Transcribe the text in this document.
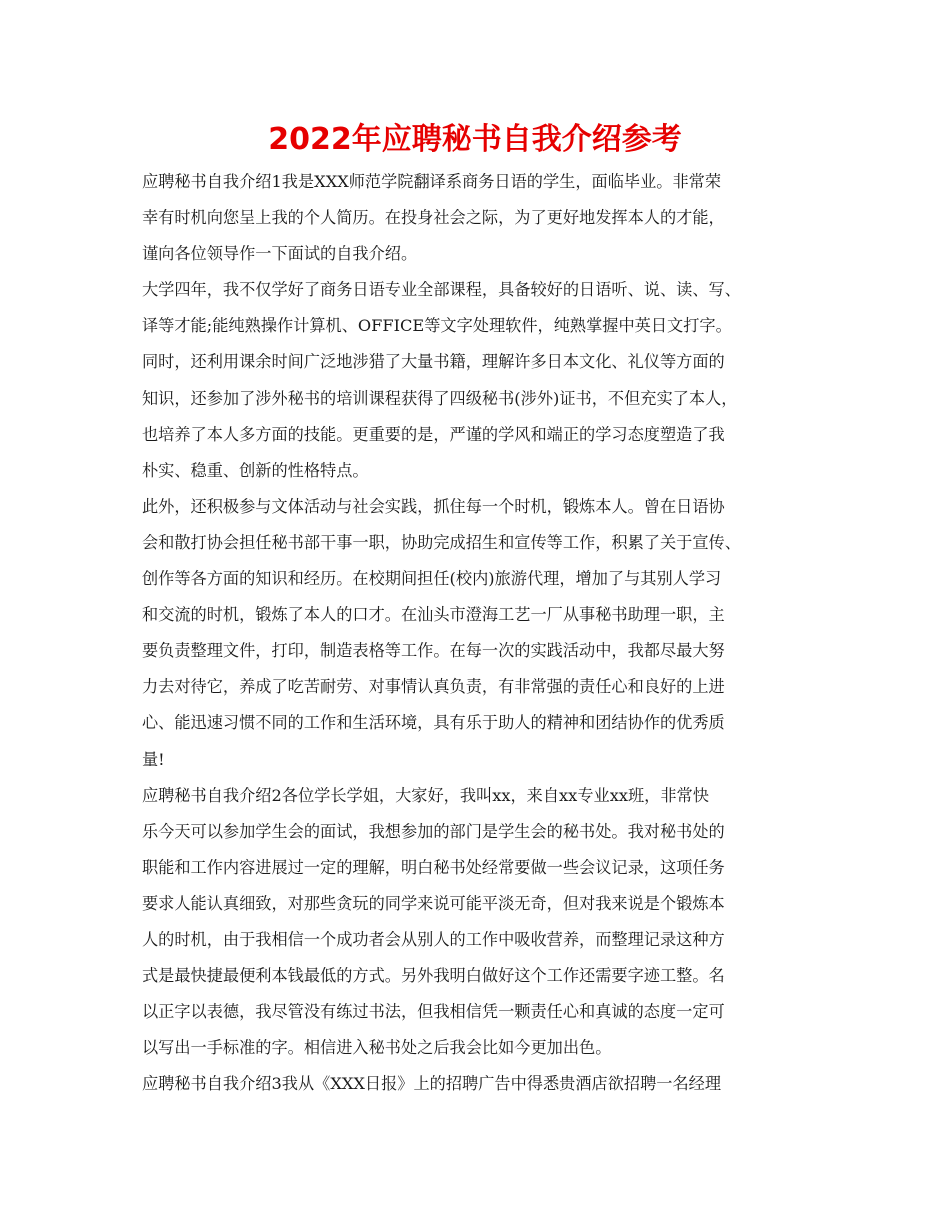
2022年应聘秘书自我介绍参考
应聘秘书自我介绍1我是XXX师范学院翻译系商务日语的学生，面临毕业。非常荣
幸有时机向您呈上我的个人简历。在投身社会之际，为了更好地发挥本人的才能，
谨向各位领导作一下面试的自我介绍。
大学四年，我不仅学好了商务日语专业全部课程，具备较好的日语听、说、读、写、
译等才能;能纯熟操作计算机、OFFICE等文字处理软件，纯熟掌握中英日文打字。
同时，还利用课余时间广泛地涉猎了大量书籍，理解许多日本文化、礼仪等方面的
知识，还参加了涉外秘书的培训课程获得了四级秘书(涉外)证书，不但充实了本人，
也培养了本人多方面的技能。更重要的是，严谨的学风和端正的学习态度塑造了我
朴实、稳重、创新的性格特点。
此外，还积极参与文体活动与社会实践，抓住每一个时机，锻炼本人。曾在日语协
会和散打协会担任秘书部干事一职，协助完成招生和宣传等工作，积累了关于宣传、
创作等各方面的知识和经历。在校期间担任(校内)旅游代理，增加了与其别人学习
和交流的时机，锻炼了本人的口才。在汕头市澄海工艺一厂从事秘书助理一职，主
要负责整理文件，打印，制造表格等工作。在每一次的实践活动中，我都尽最大努
力去对待它，养成了吃苦耐劳、对事情认真负责，有非常强的责任心和良好的上进
心、能迅速习惯不同的工作和生活环境，具有乐于助人的精神和团结协作的优秀质
量!
应聘秘书自我介绍2各位学长学姐，大家好，我叫xx，来自xx专业xx班，非常快
乐今天可以参加学生会的面试，我想参加的部门是学生会的秘书处。我对秘书处的
职能和工作内容进展过一定的理解，明白秘书处经常要做一些会议记录，这项任务
要求人能认真细致，对那些贪玩的同学来说可能平淡无奇，但对我来说是个锻炼本
人的时机，由于我相信一个成功者会从别人的工作中吸收营养，而整理记录这种方
式是最快捷最便利本钱最低的方式。另外我明白做好这个工作还需要字迹工整。名
以正字以表德，我尽管没有练过书法，但我相信凭一颗责任心和真诚的态度一定可
以写出一手标准的字。相信进入秘书处之后我会比如今更加出色。
应聘秘书自我介绍3我从《XXX日报》上的招聘广告中得悉贵酒店欲招聘一名经理
